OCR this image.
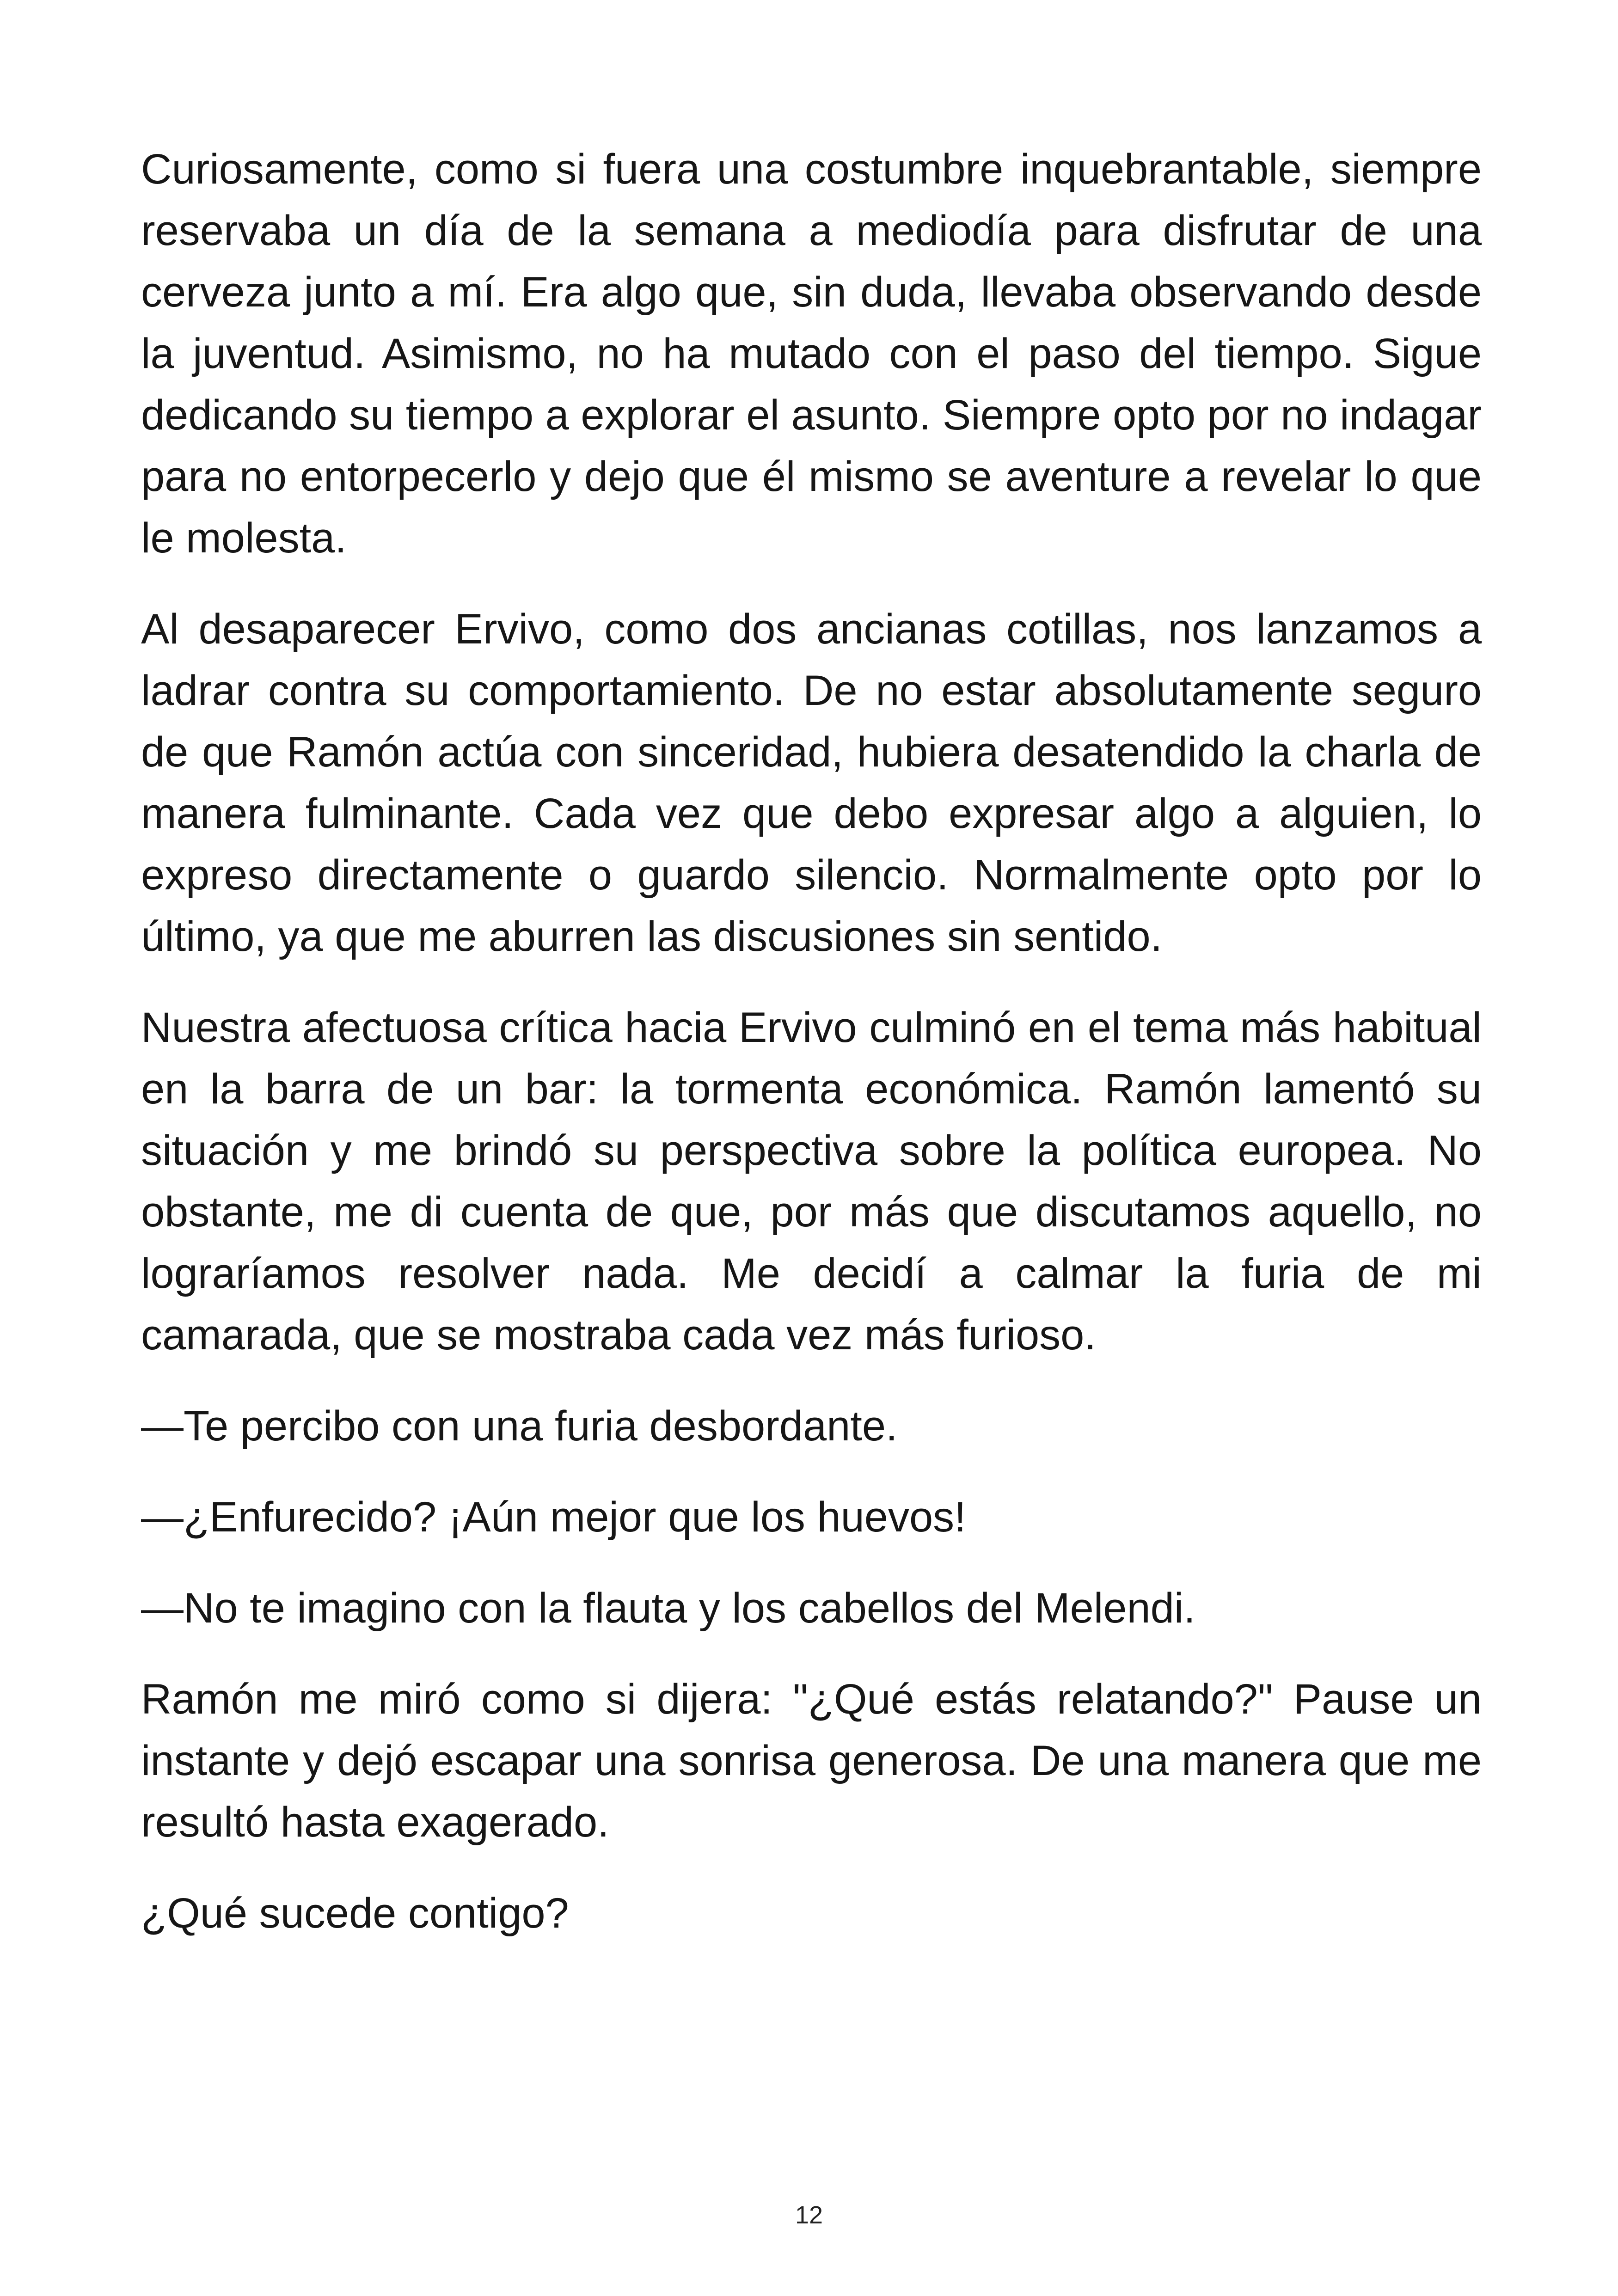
Curiosamente, como si fuera una costumbre inquebrantable, siempre reservaba un día de la semana a mediodía para disfrutar de una cerveza junto a mí. Era algo que, sin duda, llevaba observando desde la juventud. Asimismo, no ha mutado con el paso del tiempo. Sigue dedicando su tiempo a explorar el asunto. Siempre opto por no indagar para no entorpecerlo y dejo que él mismo se aventure a revelar lo que le molesta.

Al desaparecer Ervivo, como dos ancianas cotillas, nos lanzamos a ladrar contra su comportamiento. De no estar absolutamente seguro de que Ramón actúa con sinceridad, hubiera desatendido la charla de manera fulminante. Cada vez que debo expresar algo a alguien, lo expreso directamente o guardo silencio. Normalmente opto por lo último, ya que me aburren las discusiones sin sentido.

Nuestra afectuosa crítica hacia Ervivo culminó en el tema más habitual en la barra de un bar: la tormenta económica. Ramón lamentó su situación y me brindó su perspectiva sobre la política europea. No obstante, me di cuenta de que, por más que discutamos aquello, no lograríamos resolver nada. Me decidí a calmar la furia de mi camarada, que se mostraba cada vez más furioso.

—Te percibo con una furia desbordante.

—¿Enfurecido? ¡Aún mejor que los huevos!

—No te imagino con la flauta y los cabellos del Melendi.

Ramón me miró como si dijera: "¿Qué estás relatando?" Pause un instante y dejó escapar una sonrisa generosa. De una manera que me resultó hasta exagerado.

¿Qué sucede contigo?

12
